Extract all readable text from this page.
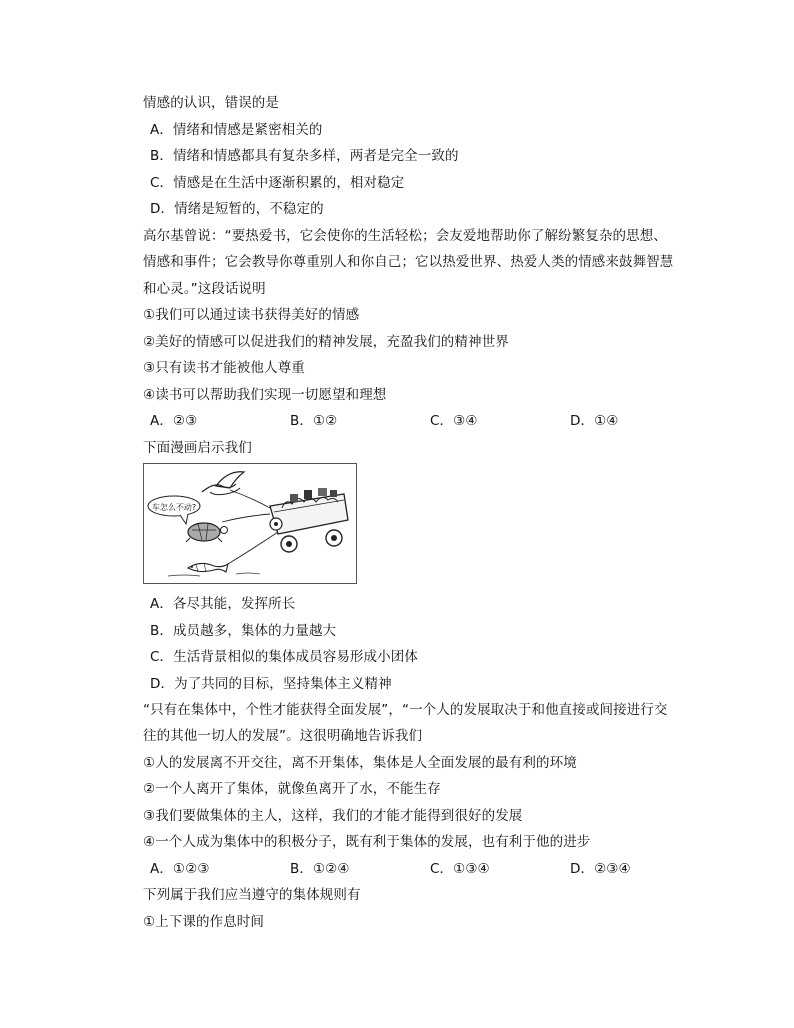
情感的认识，错误的是
A．情绪和情感是紧密相关的
B．情绪和情感都具有复杂多样，两者是完全一致的
C．情感是在生活中逐渐积累的，相对稳定
D．情绪是短暂的，不稳定的
高尔基曾说：“要热爱书，它会使你的生活轻松；会友爱地帮助你了解纷繁复杂的思想、
情感和事件；它会教导你尊重别人和你自己；它以热爱世界、热爱人类的情感来鼓舞智慧
和心灵。”这段话说明
①我们可以通过读书获得美好的情感
②美好的情感可以促进我们的精神发展，充盈我们的精神世界
③只有读书才能被他人尊重
④读书可以帮助我们实现一切愿望和理想
A．②③	B．①②	C．③④	D．①④
下面漫画启示我们
车怎么不动?
A．各尽其能，发挥所长
B．成员越多，集体的力量越大
C．生活背景相似的集体成员容易形成小团体
D．为了共同的目标，坚持集体主义精神
“只有在集体中，个性才能获得全面发展”，“一个人的发展取决于和他直接或间接进行交
往的其他一切人的发展”。这很明确地告诉我们
①人的发展离不开交往，离不开集体，集体是人全面发展的最有利的环境
②一个人离开了集体，就像鱼离开了水，不能生存
③我们要做集体的主人，这样，我们的才能才能得到很好的发展
④一个人成为集体中的积极分子，既有利于集体的发展，也有利于他的进步
A．①②③	B．①②④	C．①③④	D．②③④
下列属于我们应当遵守的集体规则有
①上下课的作息时间
